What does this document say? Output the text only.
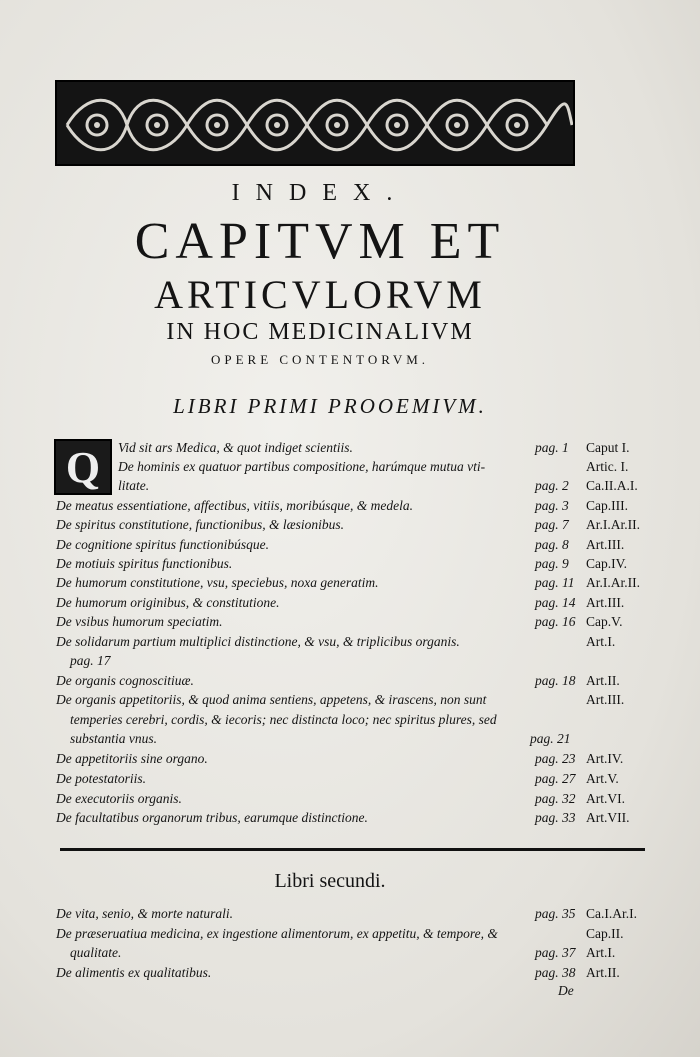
INDEX.
CAPITVM ET
ARTICVLORVM
IN HOC MEDICINALIVM
OPERE CONTENTORVM.
LIBRI PRIMI PROOEMIVM.
Q	Vid sit ars Medica, & quot indiget scientiis.	pag. 1 Caput I.
De hominis ex quatuor partibus compositione, harúmque mutua vti-	Artic. I.
litate.	pag. 2 Ca.II.A.I.
De meatus essentiatione, affectibus, vitiis, moribúsque, & medela.	pag. 3 Cap.III.
De spiritus constitutione, functionibus, & læsionibus.	pag. 7 Ar.I.Ar.II.
De cognitione spiritus functionibúsque.	pag. 8 Art.III.
De motiuis spiritus functionibus.	pag. 9 Cap.IV.
De humorum constitutione, vsu, speciebus, noxa generatim.	pag. 11 Ar.I.Ar.II.
De humorum originibus, & constitutione.	pag. 14 Art.III.
De vsibus humorum speciatim.	pag. 16 Cap.V.
De solidarum partium multiplici distinctione, & vsu, & triplicibus organis.	Art.I.
pag. 17
De organis cognoscitiuæ.	pag. 18 Art.II.
De organis appetitoriis, & quod anima sentiens, appetens, & irascens, non sunt	Art.III.
temperies cerebri, cordis, & iecoris; nec distincta loco; nec spiritus plures, sed
substantia vnus.	pag. 21
De appetitoriis sine organo.	pag. 23 Art.IV.
De potestatoriis.	pag. 27 Art.V.
De executoriis organis.	pag. 32 Art.VI.
De facultatibus organorum tribus, earumque distinctione.	pag. 33 Art.VII.
De vita, senio, & morte naturali.	pag. 35 Ca.I.Ar.I.
De præseruatiua medicina, ex ingestione alimentorum, ex appetitu, & tempore, &	Cap.II.
qualitate.	pag. 37 Art.I.
De alimentis ex qualitatibus.	pag. 38 Art.II.
De
Libri secundi.
